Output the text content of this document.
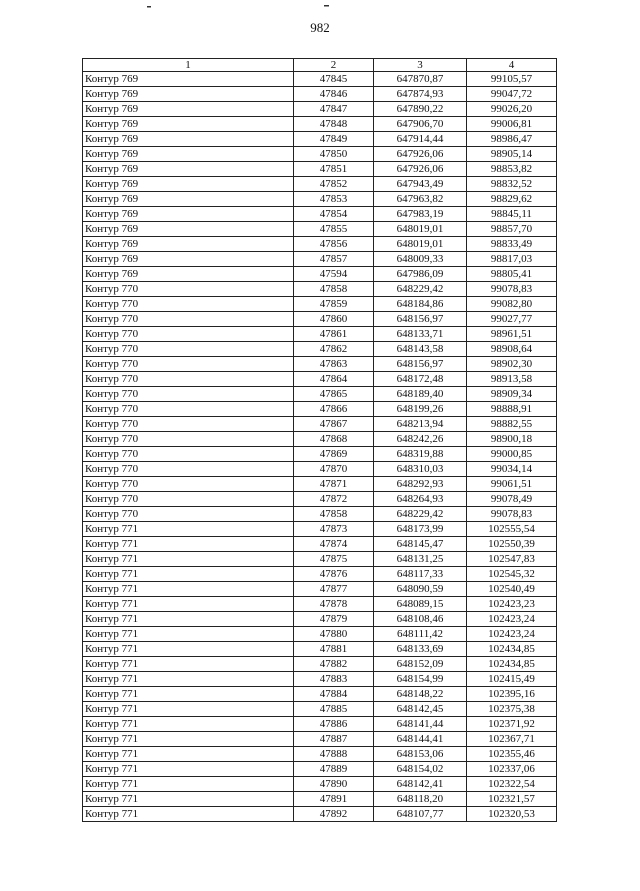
982
1	2	3	4
Контур 769	47845	647870,87	99105,57
Контур 769	47846	647874,93	99047,72
Контур 769	47847	647890,22	99026,20
Контур 769	47848	647906,70	99006,81
Контур 769	47849	647914,44	98986,47
Контур 769	47850	647926,06	98905,14
Контур 769	47851	647926,06	98853,82
Контур 769	47852	647943,49	98832,52
Контур 769	47853	647963,82	98829,62
Контур 769	47854	647983,19	98845,11
Контур 769	47855	648019,01	98857,70
Контур 769	47856	648019,01	98833,49
Контур 769	47857	648009,33	98817,03
Контур 769	47594	647986,09	98805,41
Контур 770	47858	648229,42	99078,83
Контур 770	47859	648184,86	99082,80
Контур 770	47860	648156,97	99027,77
Контур 770	47861	648133,71	98961,51
Контур 770	47862	648143,58	98908,64
Контур 770	47863	648156,97	98902,30
Контур 770	47864	648172,48	98913,58
Контур 770	47865	648189,40	98909,34
Контур 770	47866	648199,26	98888,91
Контур 770	47867	648213,94	98882,55
Контур 770	47868	648242,26	98900,18
Контур 770	47869	648319,88	99000,85
Контур 770	47870	648310,03	99034,14
Контур 770	47871	648292,93	99061,51
Контур 770	47872	648264,93	99078,49
Контур 770	47858	648229,42	99078,83
Контур 771	47873	648173,99	102555,54
Контур 771	47874	648145,47	102550,39
Контур 771	47875	648131,25	102547,83
Контур 771	47876	648117,33	102545,32
Контур 771	47877	648090,59	102540,49
Контур 771	47878	648089,15	102423,23
Контур 771	47879	648108,46	102423,24
Контур 771	47880	648111,42	102423,24
Контур 771	47881	648133,69	102434,85
Контур 771	47882	648152,09	102434,85
Контур 771	47883	648154,99	102415,49
Контур 771	47884	648148,22	102395,16
Контур 771	47885	648142,45	102375,38
Контур 771	47886	648141,44	102371,92
Контур 771	47887	648144,41	102367,71
Контур 771	47888	648153,06	102355,46
Контур 771	47889	648154,02	102337,06
Контур 771	47890	648142,41	102322,54
Контур 771	47891	648118,20	102321,57
Контур 771	47892	648107,77	102320,53
